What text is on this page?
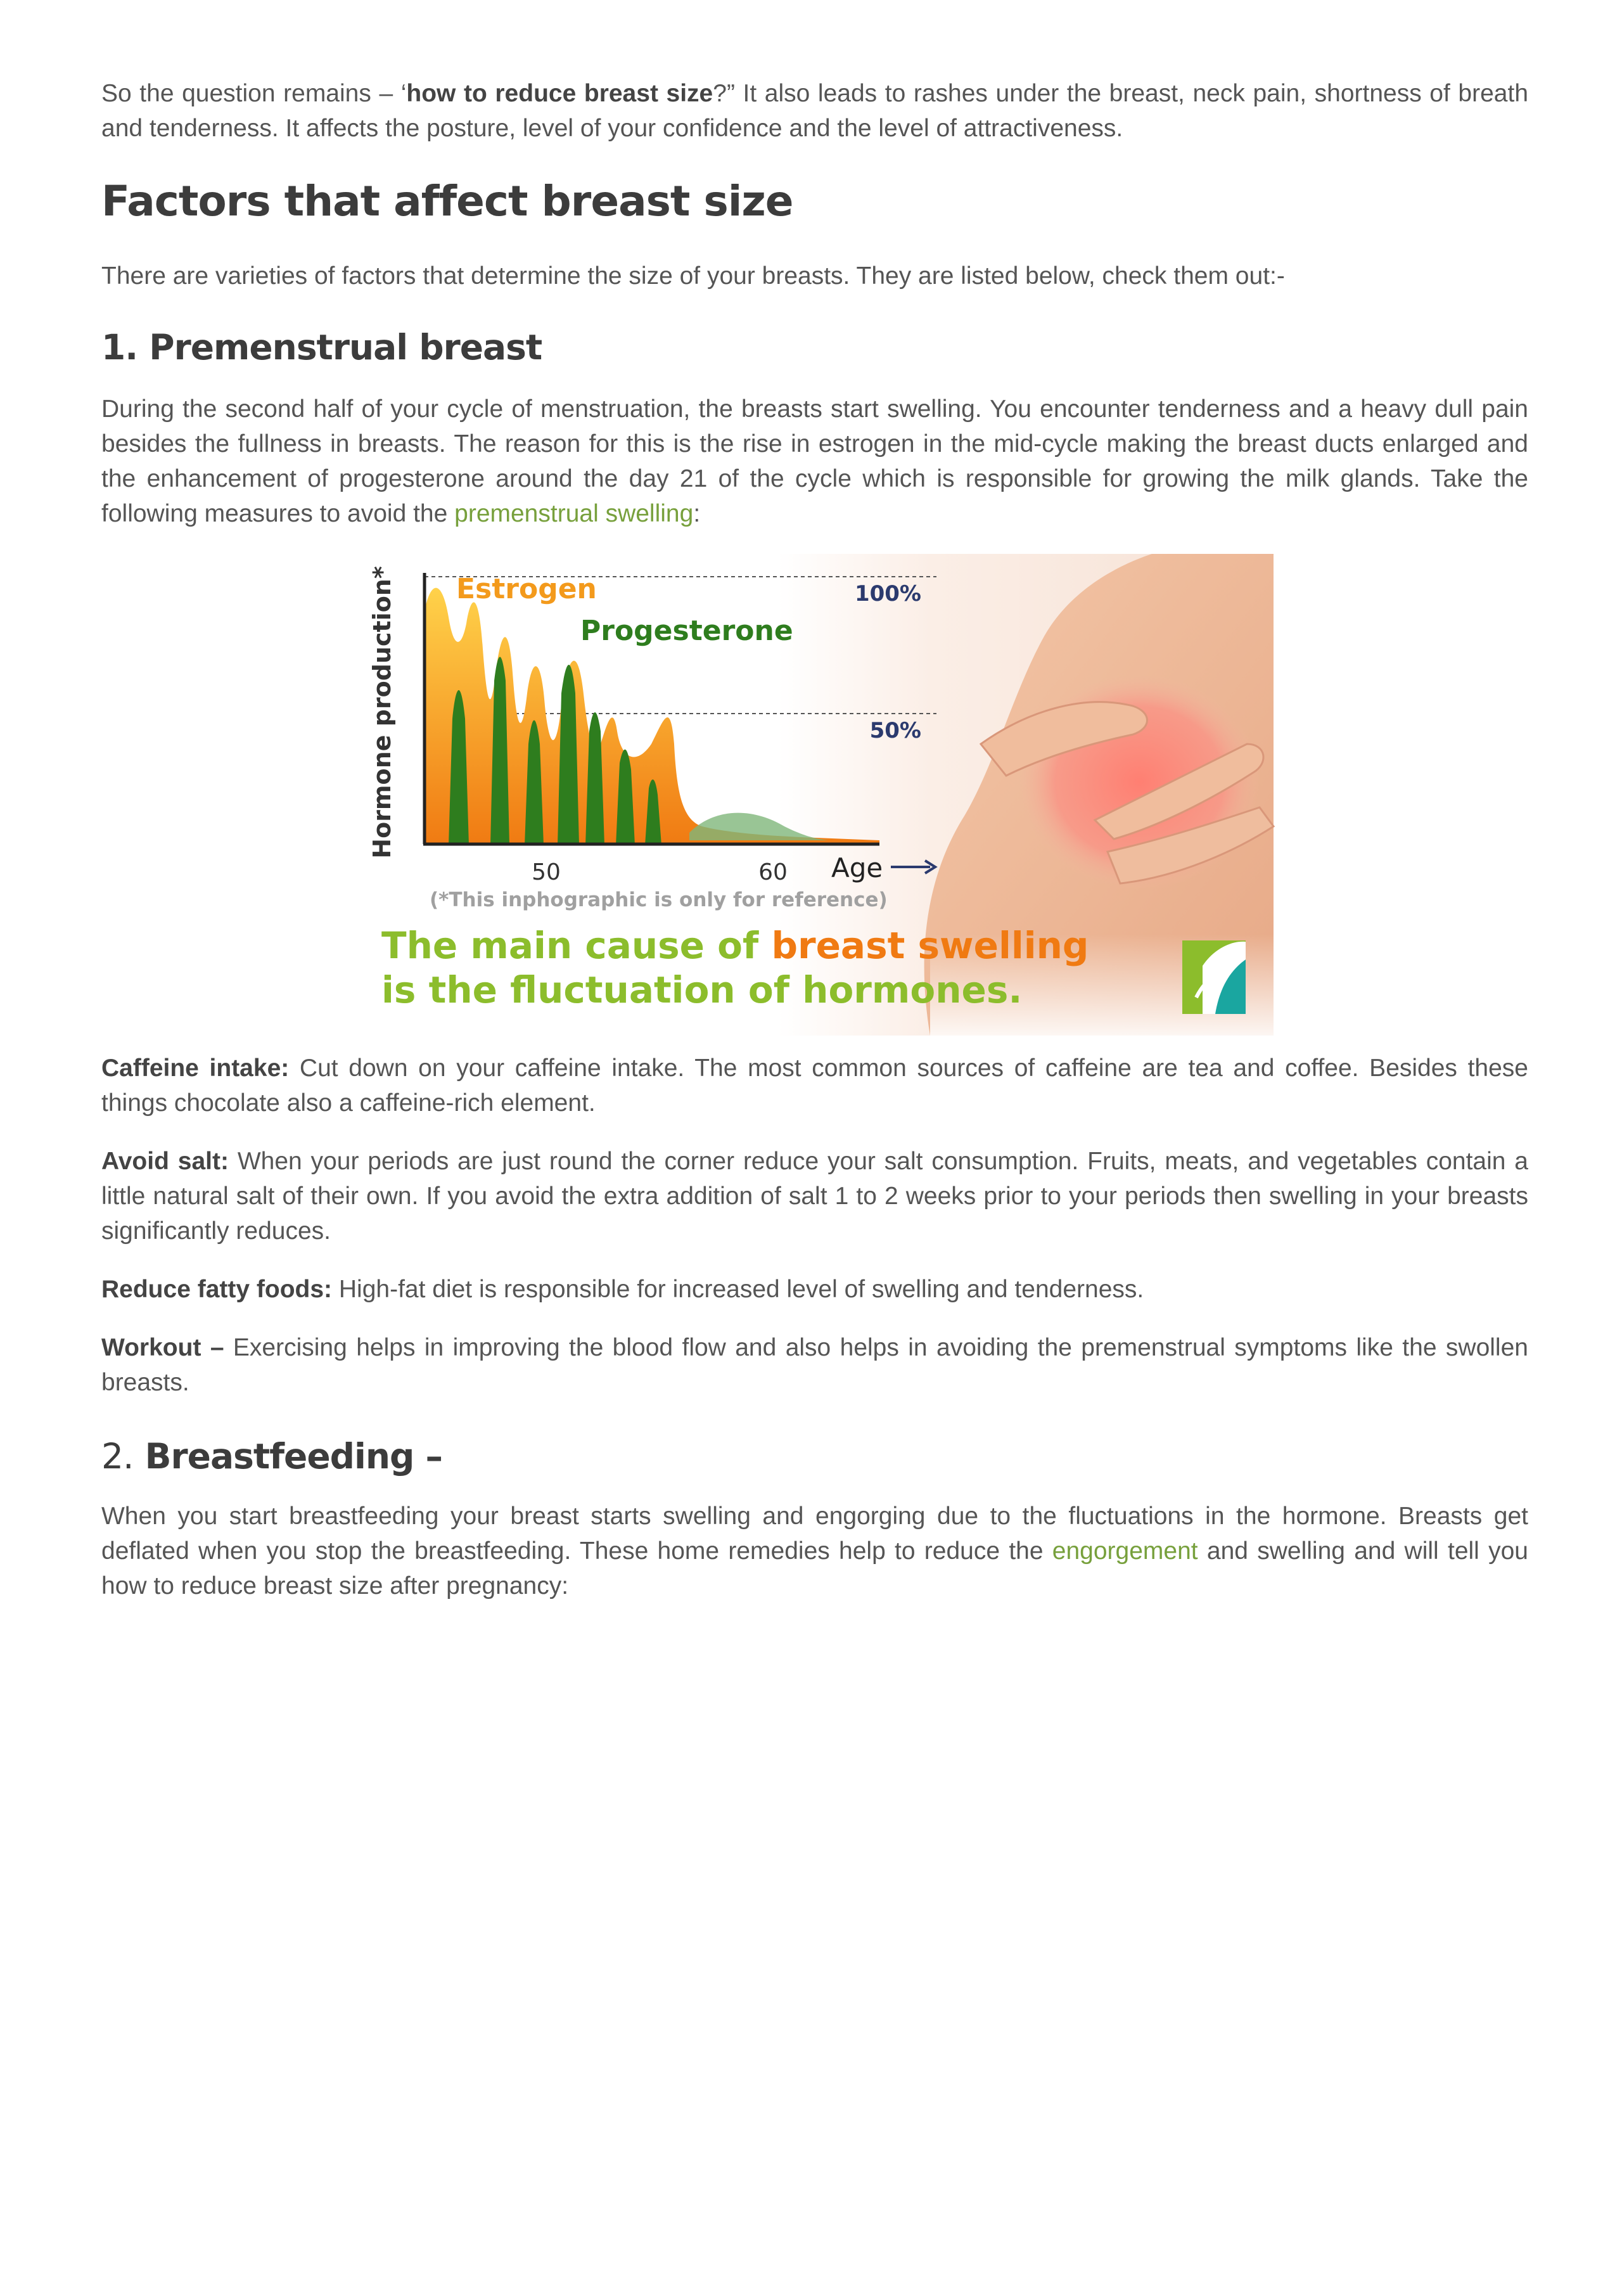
So the question remains – ‘how to reduce breast size?” It also leads to rashes under the breast, neck pain, shortness of breath and tenderness. It affects the posture, level of your confidence and the level of attractiveness.

Factors that affect breast size

There are varieties of factors that determine the size of your breasts. They are listed below, check them out:-

1. Premenstrual breast

During the second half of your cycle of menstruation, the breasts start swelling. You encounter tenderness and a heavy dull pain besides the fullness in breasts. The reason for this is the rise in estrogen in the mid-cycle making the breast ducts enlarged and the enhancement of progesterone around the day 21 of the cycle which is responsible for growing the milk glands. Take the following measures to avoid the premenstrual swelling:

Hormone production* Estrogen
Progesterone
100%
50%
50	60 Age
(*This inphographic is only for reference)
The main cause of breast swelling
is the fluctuation of hormones.

Caffeine intake: Cut down on your caffeine intake. The most common sources of caffeine are tea and coffee. Besides these things chocolate also a caffeine-rich element.

Avoid salt: When your periods are just round the corner reduce your salt consumption. Fruits, meats, and vegetables contain a little natural salt of their own. If you avoid the extra addition of salt 1 to 2 weeks prior to your periods then swelling in your breasts significantly reduces.

Reduce fatty foods: High-fat diet is responsible for increased level of swelling and tenderness.

Workout – Exercising helps in improving the blood flow and also helps in avoiding the premenstrual symptoms like the swollen breasts.

2. Breastfeeding –

When you start breastfeeding your breast starts swelling and engorging due to the fluctuations in the hormone. Breasts get deflated when you stop the breastfeeding. These home remedies help to reduce the engorgement and swelling and will tell you how to reduce breast size after pregnancy:
